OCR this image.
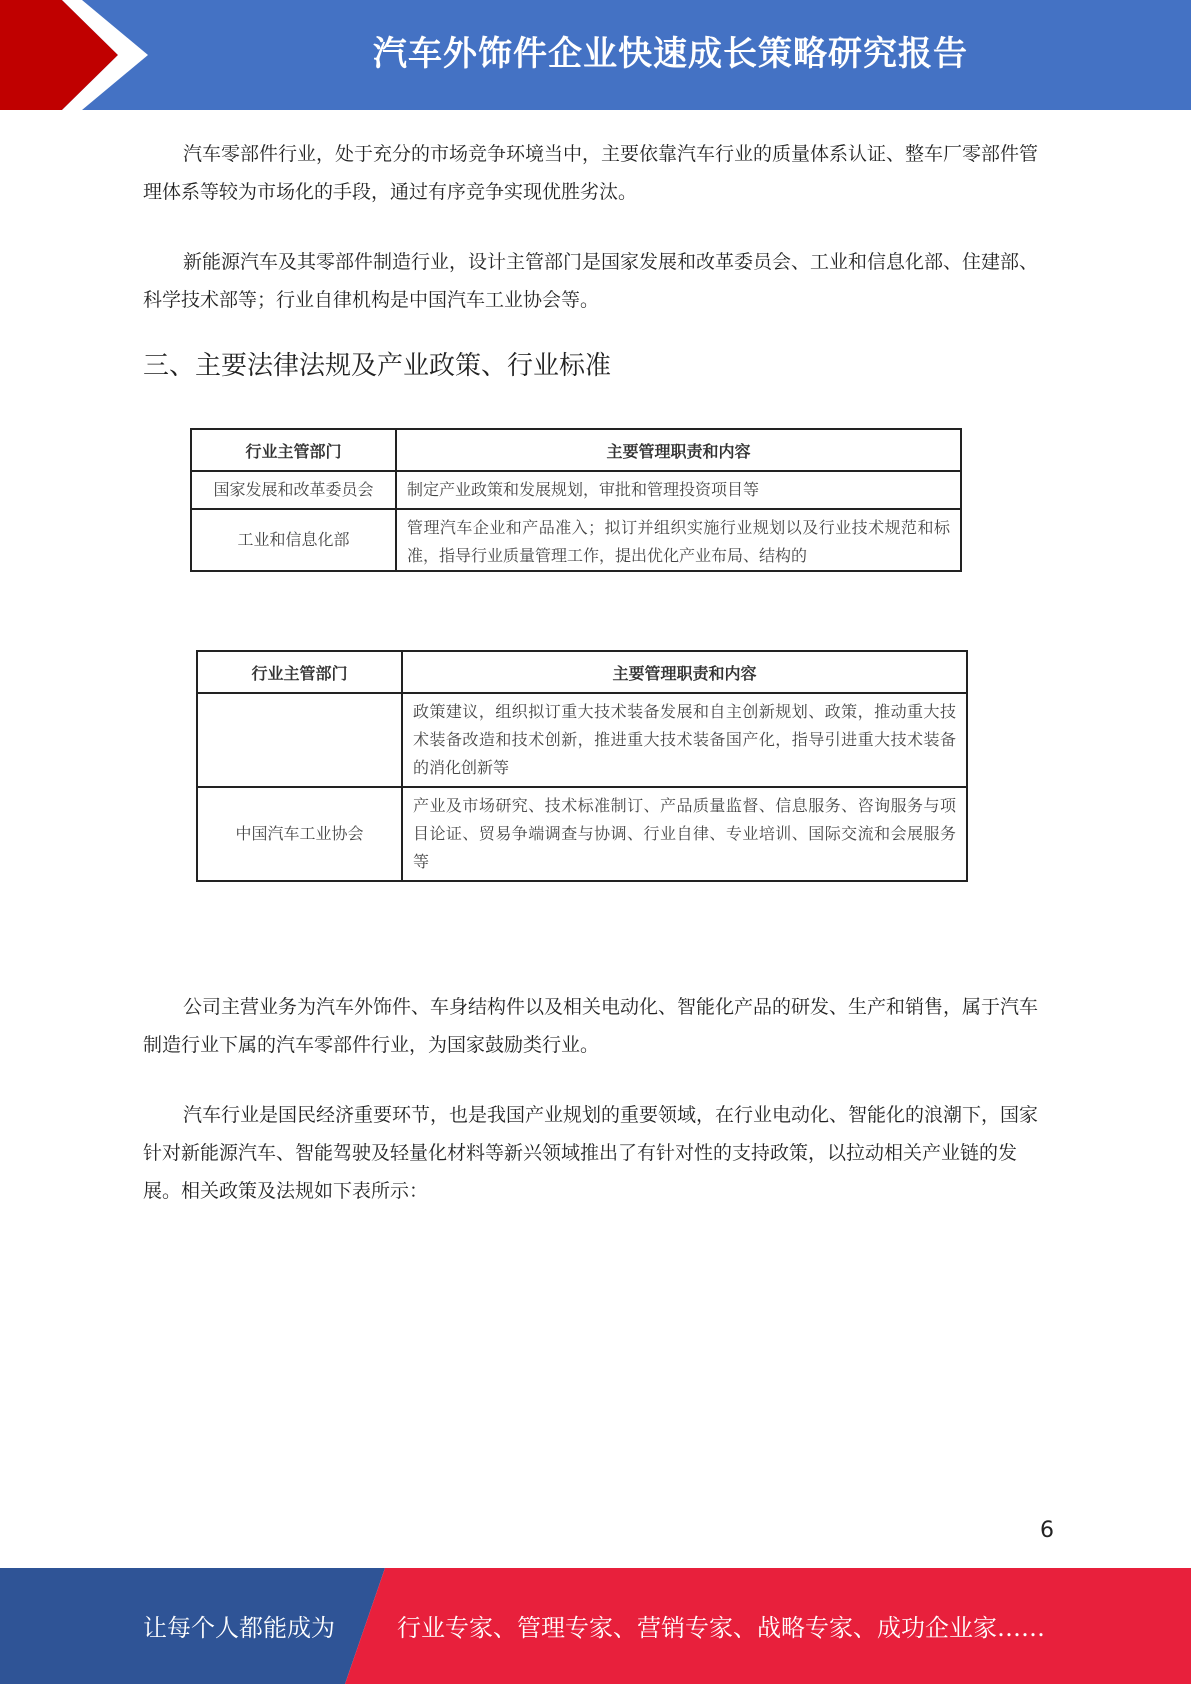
汽车外饰件企业快速成长策略研究报告

汽车零部件行业，处于充分的市场竞争环境当中，主要依靠汽车行业的质量体系认证、整车厂零部件管理体系等较为市场化的手段，通过有序竞争实现优胜劣汰。

新能源汽车及其零部件制造行业，设计主管部门是国家发展和改革委员会、工业和信息化部、住建部、科学技术部等；行业自律机构是中国汽车工业协会等。

三、主要法律法规及产业政策、行业标准
行业主管部门	主要管理职责和内容
国家发展和改革委员会	制定产业政策和发展规划，审批和管理投资项目等
工业和信息化部	管理汽车企业和产品准入；拟订并组织实施行业规划以及行业技术规范和标准，指导行业质量管理工作，提出优化产业布局、结构的
行业主管部门	主要管理职责和内容
	政策建议，组织拟订重大技术装备发展和自主创新规划、政策，推动重大技术装备改造和技术创新，推进重大技术装备国产化，指导引进重大技术装备的消化创新等
中国汽车工业协会	产业及市场研究、技术标准制订、产品质量监督、信息服务、咨询服务与项目论证、贸易争端调查与协调、行业自律、专业培训、国际交流和会展服务等

公司主营业务为汽车外饰件、车身结构件以及相关电动化、智能化产品的研发、生产和销售，属于汽车制造行业下属的汽车零部件行业，为国家鼓励类行业。

汽车行业是国民经济重要环节，也是我国产业规划的重要领域，在行业电动化、智能化的浪潮下，国家针对新能源汽车、智能驾驶及轻量化材料等新兴领域推出了有针对性的支持政策，以拉动相关产业链的发展。相关政策及法规如下表所示：

6
让每个人都能成为	行业专家、管理专家、营销专家、战略专家、成功企业家……
